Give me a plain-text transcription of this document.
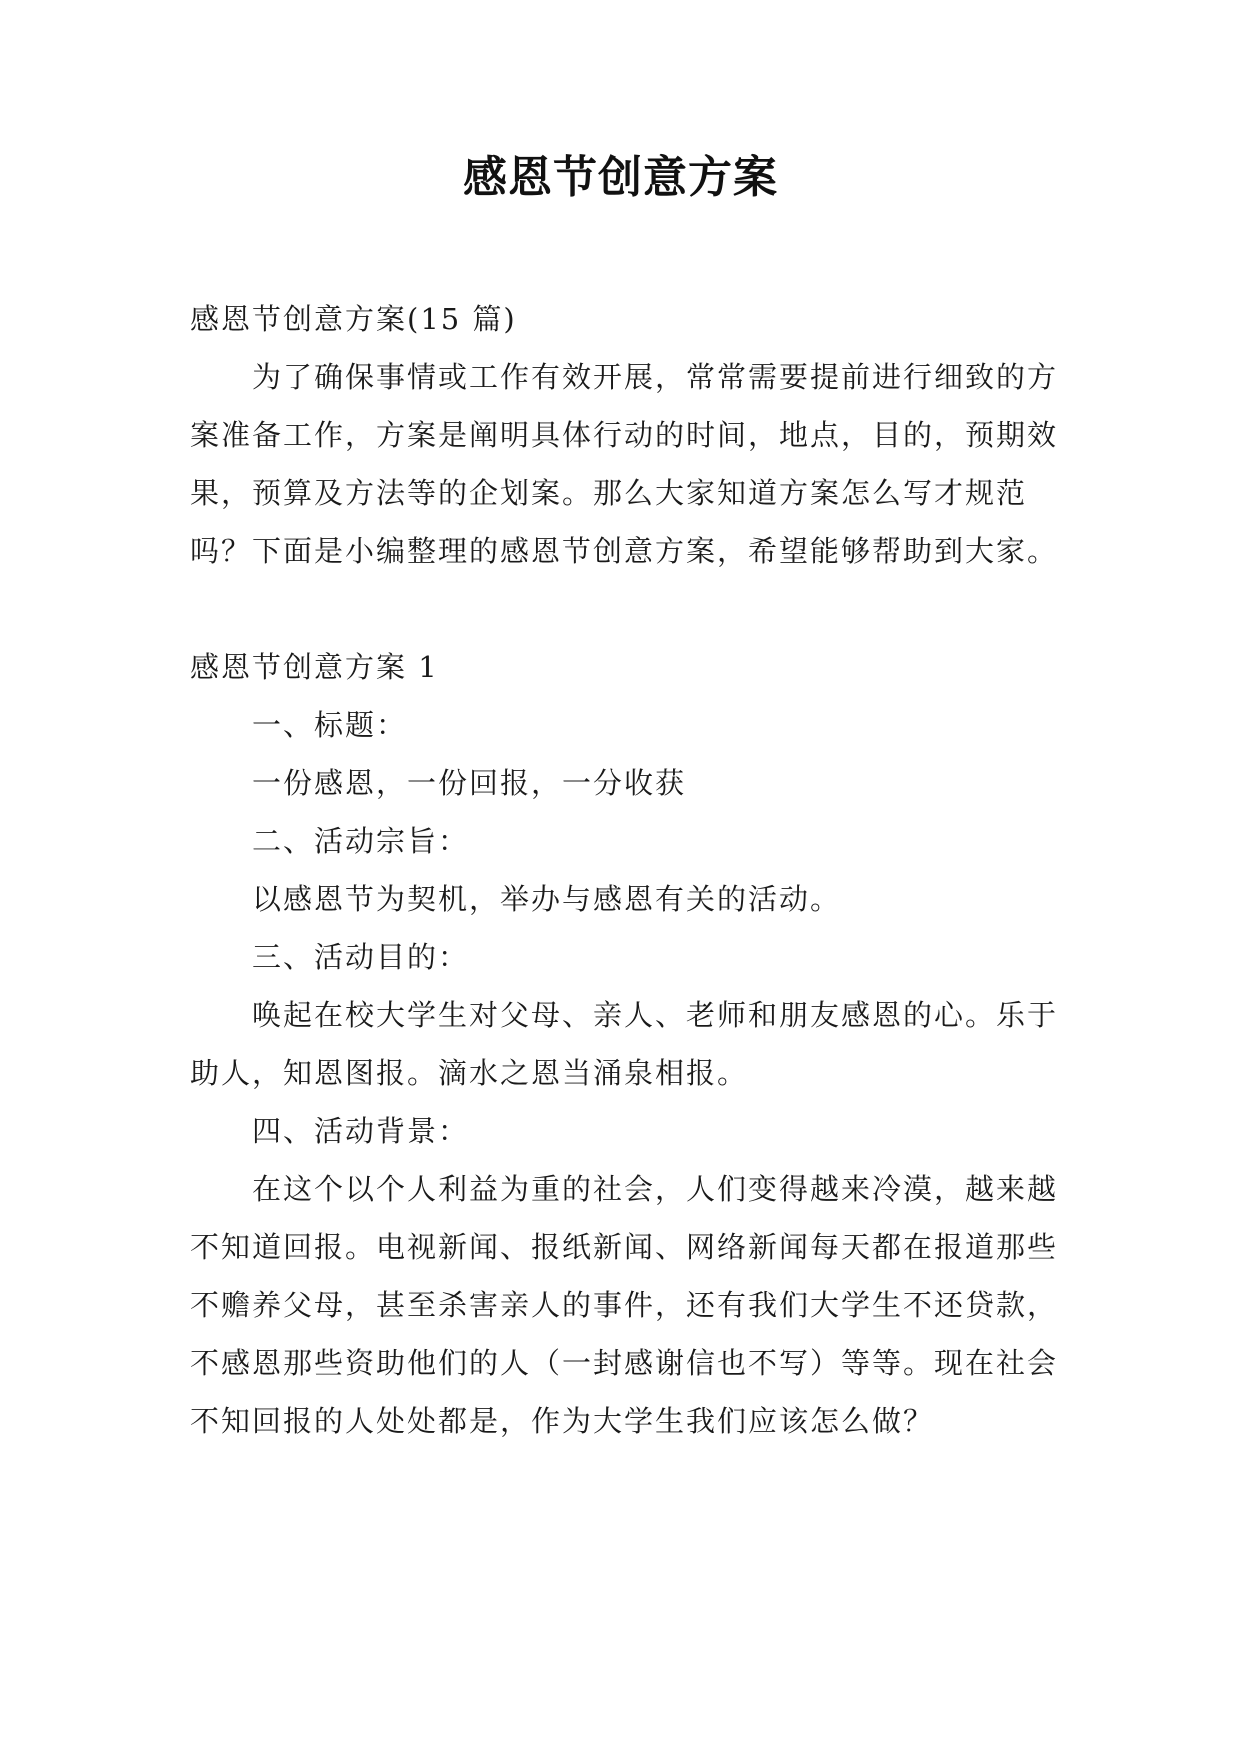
感恩节创意方案

感恩节创意方案(15 篇)

为了确保事情或工作有效开展，常常需要提前进行细致的方案准备工作，方案是阐明具体行动的时间，地点，目的，预期效果，预算及方法等的企划案。那么大家知道方案怎么写才规范吗？下面是小编整理的感恩节创意方案，希望能够帮助到大家。

感恩节创意方案 1

一、标题：

一份感恩，一份回报，一分收获

二、活动宗旨：

以感恩节为契机，举办与感恩有关的活动。

三、活动目的：

唤起在校大学生对父母、亲人、老师和朋友感恩的心。乐于助人，知恩图报。滴水之恩当涌泉相报。

四、活动背景：

在这个以个人利益为重的社会，人们变得越来冷漠，越来越不知道回报。电视新闻、报纸新闻、网络新闻每天都在报道那些不赡养父母，甚至杀害亲人的事件，还有我们大学生不还贷款，不感恩那些资助他们的人（一封感谢信也不写）等等。现在社会不知回报的人处处都是，作为大学生我们应该怎么做？
